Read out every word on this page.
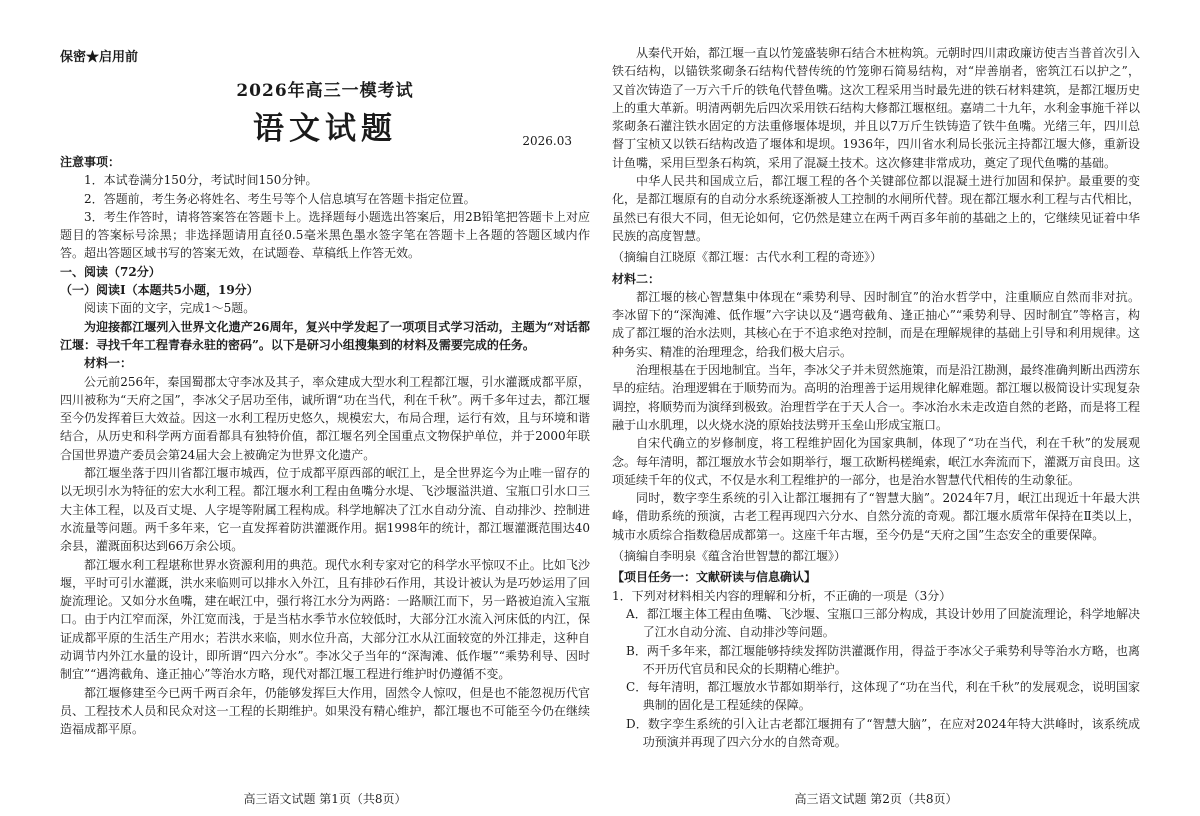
保密★启用前
2026年高三一模考试
语文试题	2026.03

注意事项：

1．本试卷满分150分，考试时间150分钟。

2．答题前，考生务必将姓名、考生号等个人信息填写在答题卡指定位置。

3．考生作答时，请将答案答在答题卡上。选择题每小题选出答案后，用2B铅笔把答题卡上对应题目的答案标号涂黑；非选择题请用直径0.5毫米黑色墨水签字笔在答题卡上各题的答题区域内作答。超出答题区域书写的答案无效，在试题卷、草稿纸上作答无效。

一、阅读（72分）

（一）阅读Ⅰ（本题共5小题，19分）

阅读下面的文字，完成1～5题。

为迎接都江堰列入世界文化遗产26周年，复兴中学发起了一项项目式学习活动，主题为“对话都江堰：寻找千年工程青春永驻的密码”。以下是研习小组搜集到的材料及需要完成的任务。

材料一：

公元前256年，秦国蜀郡太守李冰及其子，率众建成大型水利工程都江堰，引水灌溉成都平原，四川被称为“天府之国”，李冰父子居功至伟，诚所谓“功在当代，利在千秋”。两千多年过去，都江堰至今仍发挥着巨大效益。因这一水利工程历史悠久，规模宏大，布局合理，运行有效，且与环境和谐结合，从历史和科学两方面看都具有独特价值，都江堰名列全国重点文物保护单位，并于2000年联合国世界遗产委员会第24届大会上被确定为世界文化遗产。

都江堰坐落于四川省都江堰市城西，位于成都平原西部的岷江上，是全世界迄今为止唯一留存的以无坝引水为特征的宏大水利工程。都江堰水利工程由鱼嘴分水堤、飞沙堰溢洪道、宝瓶口引水口三大主体工程，以及百丈堤、人字堤等附属工程构成。科学地解决了江水自动分流、自动排沙、控制进水流量等问题。两千多年来，它一直发挥着防洪灌溉作用。据1998年的统计，都江堰灌溉范围达40余县，灌溉面积达到66万余公顷。

都江堰水利工程堪称世界水资源利用的典范。现代水利专家对它的科学水平惊叹不止。比如飞沙堰，平时可引水灌溉，洪水来临则可以排水入外江，且有排砂石作用，其设计被认为是巧妙运用了回旋流理论。又如分水鱼嘴，建在岷江中，强行将江水分为两路：一路顺江而下，另一路被迫流入宝瓶口。由于内江窄而深，外江宽而浅，于是当枯水季节水位较低时，大部分江水流入河床低的内江，保证成都平原的生活生产用水；若洪水来临，则水位升高，大部分江水从江面较宽的外江排走，这种自动调节内外江水量的设计，即所谓“四六分水”。李冰父子当年的“深淘滩、低作堰”“乘势利导、因时制宜”“遇湾截角、逢正抽心”等治水方略，现代对都江堰工程进行维护时仍遵循不变。

都江堰修建至今已两千两百余年，仍能够发挥巨大作用，固然令人惊叹，但是也不能忽视历代官员、工程技术人员和民众对这一工程的长期维护。如果没有精心维护，都江堰也不可能至今仍在继续造福成都平原。

高三语文试题 第1页（共8页）

从秦代开始，都江堰一直以竹笼盛装卵石结合木桩构筑。元朝时四川肃政廉访使吉当普首次引入铁石结构，以锚铁浆砌条石结构代替传统的竹笼卵石简易结构，对“岸善崩者，密筑江石以护之”，又首次铸造了一万六千斤的铁龟代替鱼嘴。这次工程采用当时最先进的铁石材料建筑，是都江堰历史上的重大革新。明清两朝先后四次采用铁石结构大修都江堰枢纽。嘉靖二十九年，水利金事施千祥以浆砌条石灌注铁水固定的方法重修堰体堤坝，并且以7万斤生铁铸造了铁牛鱼嘴。光绪三年，四川总督丁宝桢又以铁石结构改造了堰体和堤坝。1936年，四川省水利局长张沅主持都江堰大修，重新设计鱼嘴，采用巨型条石构筑，采用了混凝土技术。这次修建非常成功，奠定了现代鱼嘴的基础。

中华人民共和国成立后，都江堰工程的各个关键部位都以混凝土进行加固和保护。最重要的变化，是都江堰原有的自动分水系统逐渐被人工控制的水闸所代替。现在都江堰水利工程与古代相比，虽然已有很大不同，但无论如何，它仍然是建立在两千两百多年前的基础之上的，它继续见证着中华民族的高度智慧。

（摘编自江晓原《都江堰：古代水利工程的奇迹》）

材料二：

都江堰的核心智慧集中体现在“乘势利导、因时制宜”的治水哲学中，注重顺应自然而非对抗。李冰留下的“深淘滩、低作堰”六字诀以及“遇弯截角、逢正抽心”“乘势利导、因时制宜”等格言，构成了都江堰的治水法则，其核心在于不追求绝对控制，而是在理解规律的基础上引导和利用规律。这种务实、精准的治理理念，给我们极大启示。

治理根基在于因地制宜。当年，李冰父子并未贸然施策，而是沿江勘测，最终准确判断出西涝东旱的症结。治理逻辑在于顺势而为。高明的治理善于运用规律化解难题。都江堰以极简设计实现复杂调控，将顺势而为演绎到极致。治理哲学在于天人合一。李冰治水未走改造自然的老路，而是将工程融于山水肌理，以火烧水浇的原始技法劈开玉垒山形成宝瓶口。

自宋代确立的岁修制度，将工程维护固化为国家典制，体现了“功在当代，利在千秋”的发展观念。每年清明，都江堰放水节会如期举行，堰工砍断杩槎绳索，岷江水奔流而下，灌溉万亩良田。这项延续千年的仪式，不仅是水利工程维护的一部分，也是治水智慧代代相传的生动象征。

同时，数字孪生系统的引入让都江堰拥有了“智慧大脑”。2024年7月，岷江出现近十年最大洪峰，借助系统的预演，古老工程再现四六分水、自然分流的奇观。都江堰水质常年保持在Ⅱ类以上，城市水质综合指数稳居成都第一。这座千年古堰，至今仍是“天府之国”生态安全的重要保障。

（摘编自李明泉《蕴含治世智慧的都江堰》）

【项目任务一：文献研读与信息确认】

1．下列对材料相关内容的理解和分析，不正确的一项是（3分）

A．都江堰主体工程由鱼嘴、飞沙堰、宝瓶口三部分构成，其设计妙用了回旋流理论，科学地解决了江水自动分流、自动排沙等问题。

B．两千多年来，都江堰能够持续发挥防洪灌溉作用，得益于李冰父子乘势利导等治水方略，也离不开历代官员和民众的长期精心维护。

C．每年清明，都江堰放水节都如期举行，这体现了“功在当代，利在千秋”的发展观念，说明国家典制的固化是工程延续的保障。

D．数字孪生系统的引入让古老都江堰拥有了“智慧大脑”，在应对2024年特大洪峰时，该系统成功预演并再现了四六分水的自然奇观。

高三语文试题 第2页（共8页）
